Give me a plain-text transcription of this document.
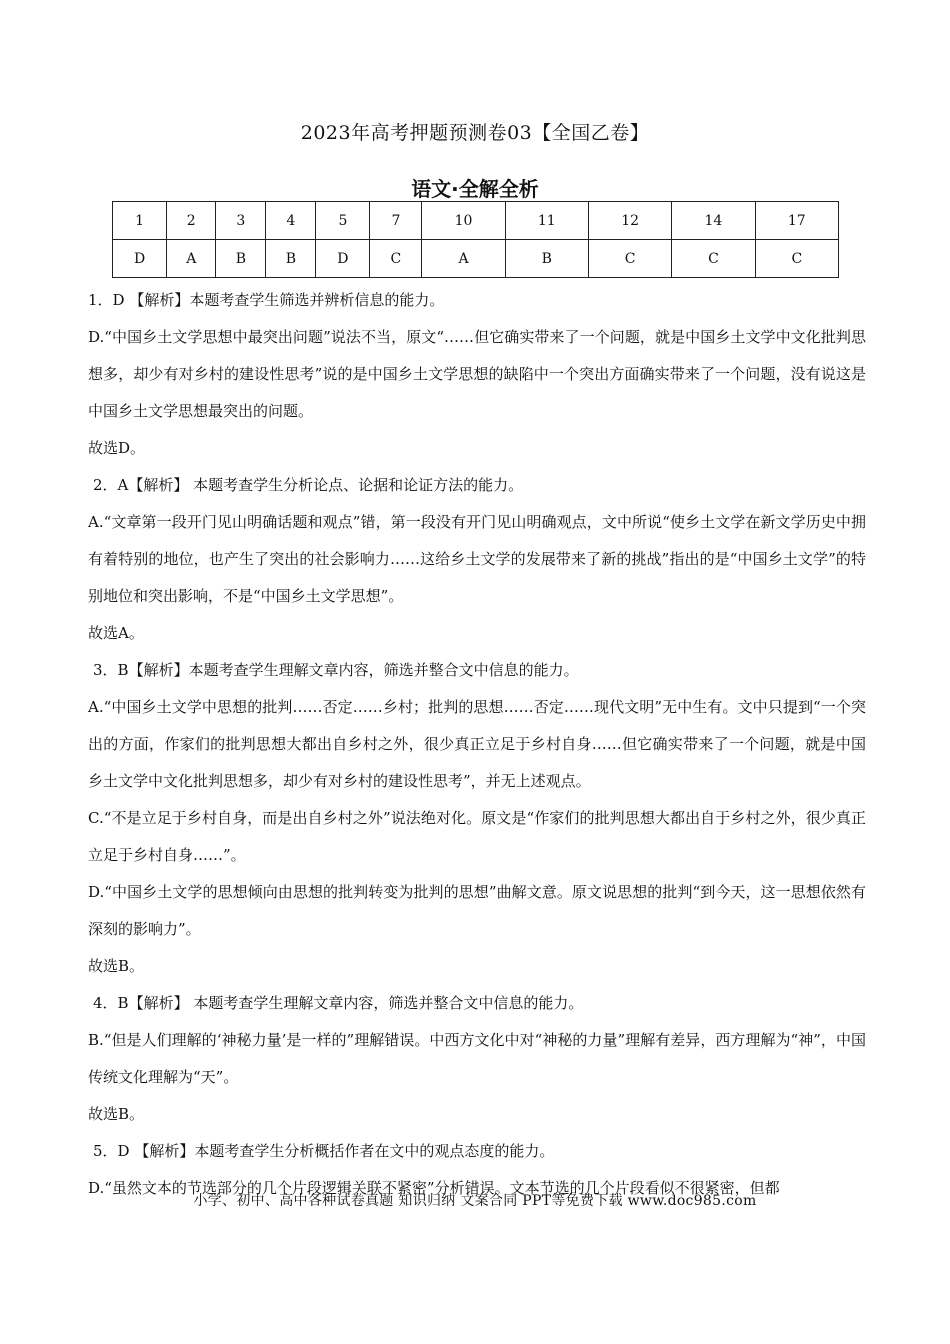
2023年高考押题预测卷03【全国乙卷】
语文·全解全析
1	2	3	4	5	7	10	11	12	14	17
D	A	B	B	D	C	A	B	C	C	C

1．D 【解析】本题考查学生筛选并辨析信息的能力。

D.“中国乡土文学思想中最突出问题”说法不当，原文“……但它确实带来了一个问题，就是中国乡土文学中文化批判思想多，却少有对乡村的建设性思考”说的是中国乡土文学思想的缺陷中一个突出方面确实带来了一个问题，没有说这是中国乡土文学思想最突出的问题。

故选D。

2．A【解析】 本题考查学生分析论点、论据和论证方法的能力。

A.“文章第一段开门见山明确话题和观点”错，第一段没有开门见山明确观点，文中所说“使乡土文学在新文学历史中拥有着特别的地位，也产生了突出的社会影响力……这给乡土文学的发展带来了新的挑战”指出的是“中国乡土文学”的特别地位和突出影响，不是“中国乡土文学思想”。

故选A。

3．B【解析】本题考查学生理解文章内容，筛选并整合文中信息的能力。

A.“中国乡土文学中思想的批判……否定……乡村；批判的思想……否定……现代文明”无中生有。文中只提到“一个突出的方面，作家们的批判思想大都出自乡村之外，很少真正立足于乡村自身……但它确实带来了一个问题，就是中国乡土文学中文化批判思想多，却少有对乡村的建设性思考”，并无上述观点。

C.“不是立足于乡村自身，而是出自乡村之外”说法绝对化。原文是“作家们的批判思想大都出自于乡村之外，很少真正立足于乡村自身……”。

D.“中国乡土文学的思想倾向由思想的批判转变为批判的思想”曲解文意。原文说思想的批判“到今天，这一思想依然有深刻的影响力”。

故选B。

4．B【解析】 本题考查学生理解文章内容，筛选并整合文中信息的能力。

B.“但是人们理解的‘神秘力量’是一样的”理解错误。中西方文化中对“神秘的力量”理解有差异，西方理解为“神”，中国传统文化理解为“天”。

故选B。

5．D 【解析】本题考查学生分析概括作者在文中的观点态度的能力。

D.“虽然文本的节选部分的几个片段逻辑关联不紧密”分析错误。文本节选的几个片段看似不很紧密，但都

小学、初中、高中各种试卷真题 知识归纳 文案合同 PPT等免费下载 www.doc985.com
